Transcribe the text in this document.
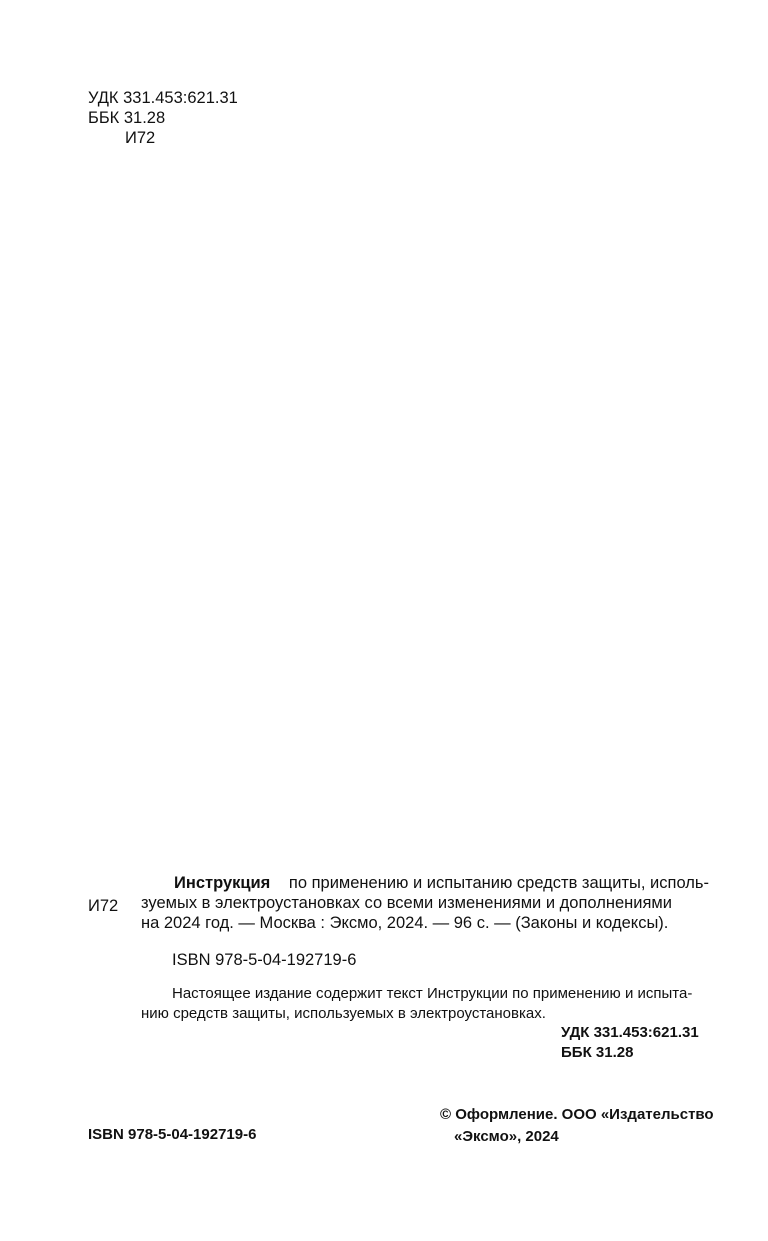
УДК 331.453:621.31
ББК 31.28
И72
И72
Инструкция по применению и испытанию средств защиты, исполь-
зуемых в электроустановках со всеми изменениями и дополнениями
на 2024 год. — Москва : Эксмо, 2024. — 96 с. — (Законы и кодексы).
ISBN 978-5-04-192719-6
Настоящее издание содержит текст Инструкции по применению и испыта-
нию средств защиты, используемых в электроустановках.
УДК 331.453:621.31
ББК 31.28
ISBN 978-5-04-192719-6
© Оформление. ООО «Издательство
«Эксмо», 2024
